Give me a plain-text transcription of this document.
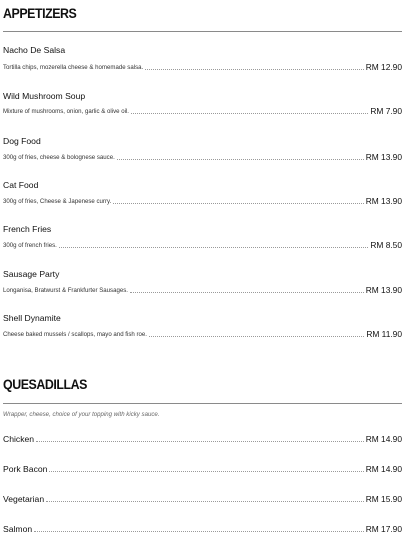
APPETIZERS
Nacho De Salsa
Tortilla chips, mozerella cheese & homemade salsa.	RM 12.90
Wild Mushroom Soup
Mixture of mushrooms, onion, garlic & olive oil.	RM 7.90
Dog Food
300g of fries, cheese & bolognese sauce.	RM 13.90
Cat Food
300g of fries, Cheese & Japenese curry.	RM 13.90
French Fries
300g of french fries.	RM 8.50
Sausage Party
Longanisa, Bratwurst & Frankfurter Sausages.	RM 13.90
Shell Dynamite
Cheese baked mussels / scallops, mayo and fish roe.	RM 11.90
QUESADILLAS
Wrapper, cheese, choice of your topping with kicky sauce.
Chicken	RM 14.90
Pork Bacon	RM 14.90
Vegetarian	RM 15.90
Salmon	RM 17.90
